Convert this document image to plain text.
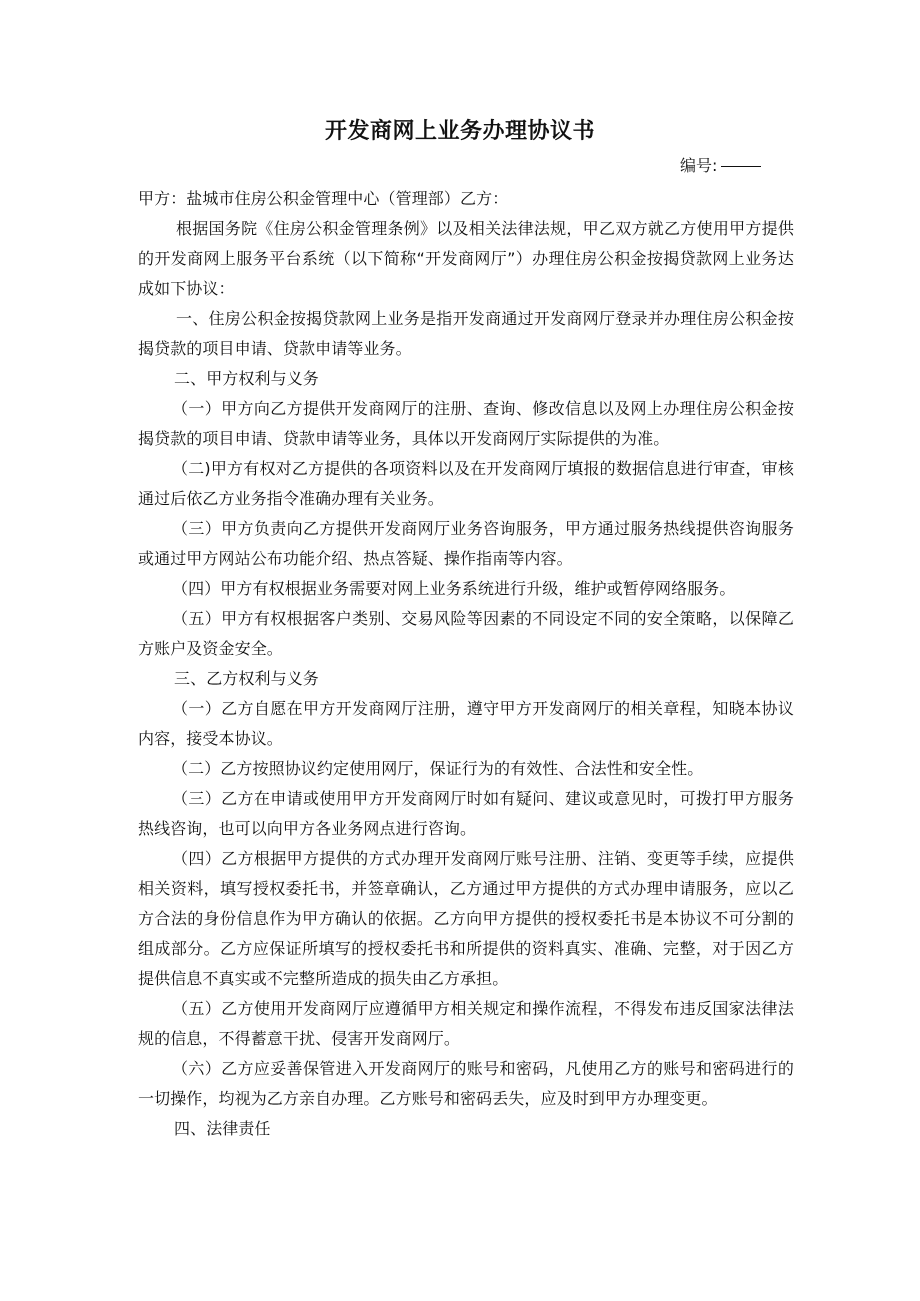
开发商网上业务办理协议书
编号:

甲方：盐城市住房公积金管理中心（管理部）乙方：

根据国务院《住房公积金管理条例》以及相关法律法规，甲乙双方就乙方使用甲方提供的开发商网上服务平台系统（以下简称“开发商网厅”）办理住房公积金按揭贷款网上业务达成如下协议：

一、住房公积金按揭贷款网上业务是指开发商通过开发商网厅登录并办理住房公积金按揭贷款的项目申请、贷款申请等业务。

二、甲方权利与义务

（一）甲方向乙方提供开发商网厅的注册、查询、修改信息以及网上办理住房公积金按揭贷款的项目申请、贷款申请等业务，具体以开发商网厅实际提供的为准。

（二)甲方有权对乙方提供的各项资料以及在开发商网厅填报的数据信息进行审查，审核通过后依乙方业务指令准确办理有关业务。

（三）甲方负责向乙方提供开发商网厅业务咨询服务，甲方通过服务热线提供咨询服务或通过甲方网站公布功能介绍、热点答疑、操作指南等内容。

（四）甲方有权根据业务需要对网上业务系统进行升级，维护或暂停网络服务。

（五）甲方有权根据客户类别、交易风险等因素的不同设定不同的安全策略，以保障乙方账户及资金安全。

三、乙方权利与义务

（一）乙方自愿在甲方开发商网厅注册，遵守甲方开发商网厅的相关章程，知晓本协议内容，接受本协议。

（二）乙方按照协议约定使用网厅，保证行为的有效性、合法性和安全性。

（三）乙方在申请或使用甲方开发商网厅时如有疑问、建议或意见时，可拨打甲方服务热线咨询，也可以向甲方各业务网点进行咨询。

（四）乙方根据甲方提供的方式办理开发商网厅账号注册、注销、变更等手续，应提供相关资料，填写授权委托书，并签章确认，乙方通过甲方提供的方式办理申请服务，应以乙方合法的身份信息作为甲方确认的依据。乙方向甲方提供的授权委托书是本协议不可分割的组成部分。乙方应保证所填写的授权委托书和所提供的资料真实、准确、完整，对于因乙方提供信息不真实或不完整所造成的损失由乙方承担。

（五）乙方使用开发商网厅应遵循甲方相关规定和操作流程，不得发布违反国家法律法规的信息，不得蓄意干扰、侵害开发商网厅。

（六）乙方应妥善保管进入开发商网厅的账号和密码，凡使用乙方的账号和密码进行的一切操作，均视为乙方亲自办理。乙方账号和密码丢失，应及时到甲方办理变更。

四、法律责任
